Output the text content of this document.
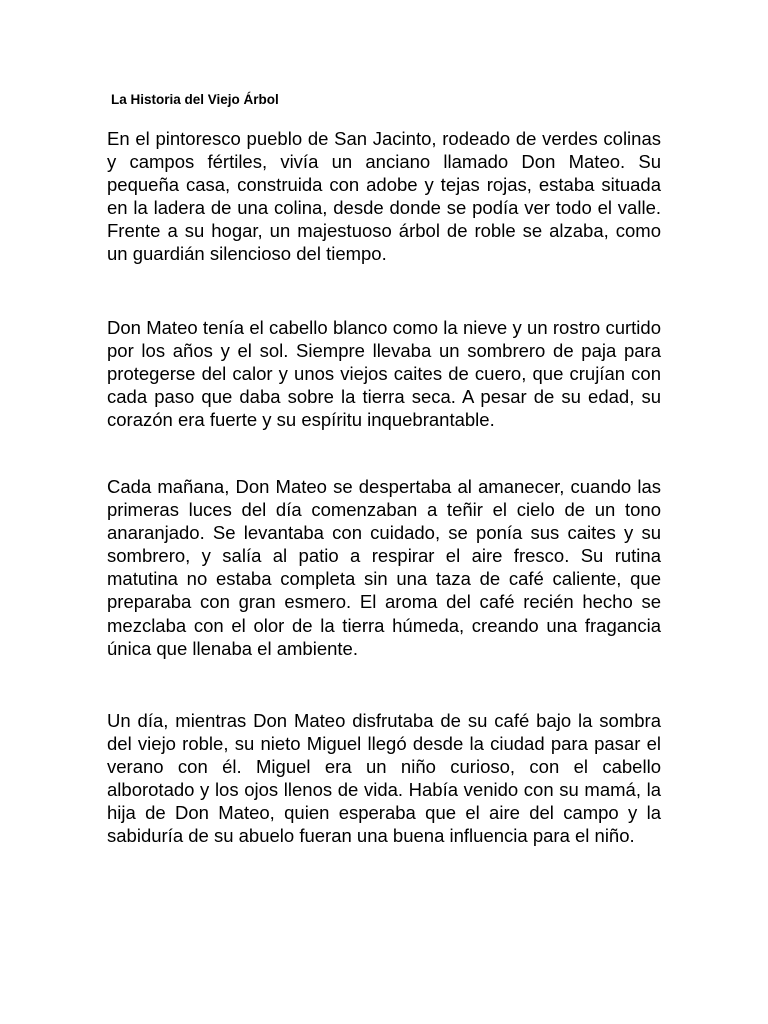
La Historia del Viejo Árbol

En el pintoresco pueblo de San Jacinto, rodeado de verdes colinas y campos fértiles, vivía un anciano llamado Don Mateo. Su pequeña casa, construida con adobe y tejas rojas, estaba situada en la ladera de una colina, desde donde se podía ver todo el valle. Frente a su hogar, un majestuoso árbol de roble se alzaba, como un guardián silencioso del tiempo.

Don Mateo tenía el cabello blanco como la nieve y un rostro curtido por los años y el sol. Siempre llevaba un sombrero de paja para protegerse del calor y unos viejos caites de cuero, que crujían con cada paso que daba sobre la tierra seca. A pesar de su edad, su corazón era fuerte y su espíritu inquebrantable.

Cada mañana, Don Mateo se despertaba al amanecer, cuando las primeras luces del día comenzaban a teñir el cielo de un tono anaranjado. Se levantaba con cuidado, se ponía sus caites y su sombrero, y salía al patio a respirar el aire fresco. Su rutina matutina no estaba completa sin una taza de café caliente, que preparaba con gran esmero. El aroma del café recién hecho se mezclaba con el olor de la tierra húmeda, creando una fragancia única que llenaba el ambiente.

Un día, mientras Don Mateo disfrutaba de su café bajo la sombra del viejo roble, su nieto Miguel llegó desde la ciudad para pasar el verano con él. Miguel era un niño curioso, con el cabello alborotado y los ojos llenos de vida. Había venido con su mamá, la hija de Don Mateo, quien esperaba que el aire del campo y la sabiduría de su abuelo fueran una buena influencia para el niño.
